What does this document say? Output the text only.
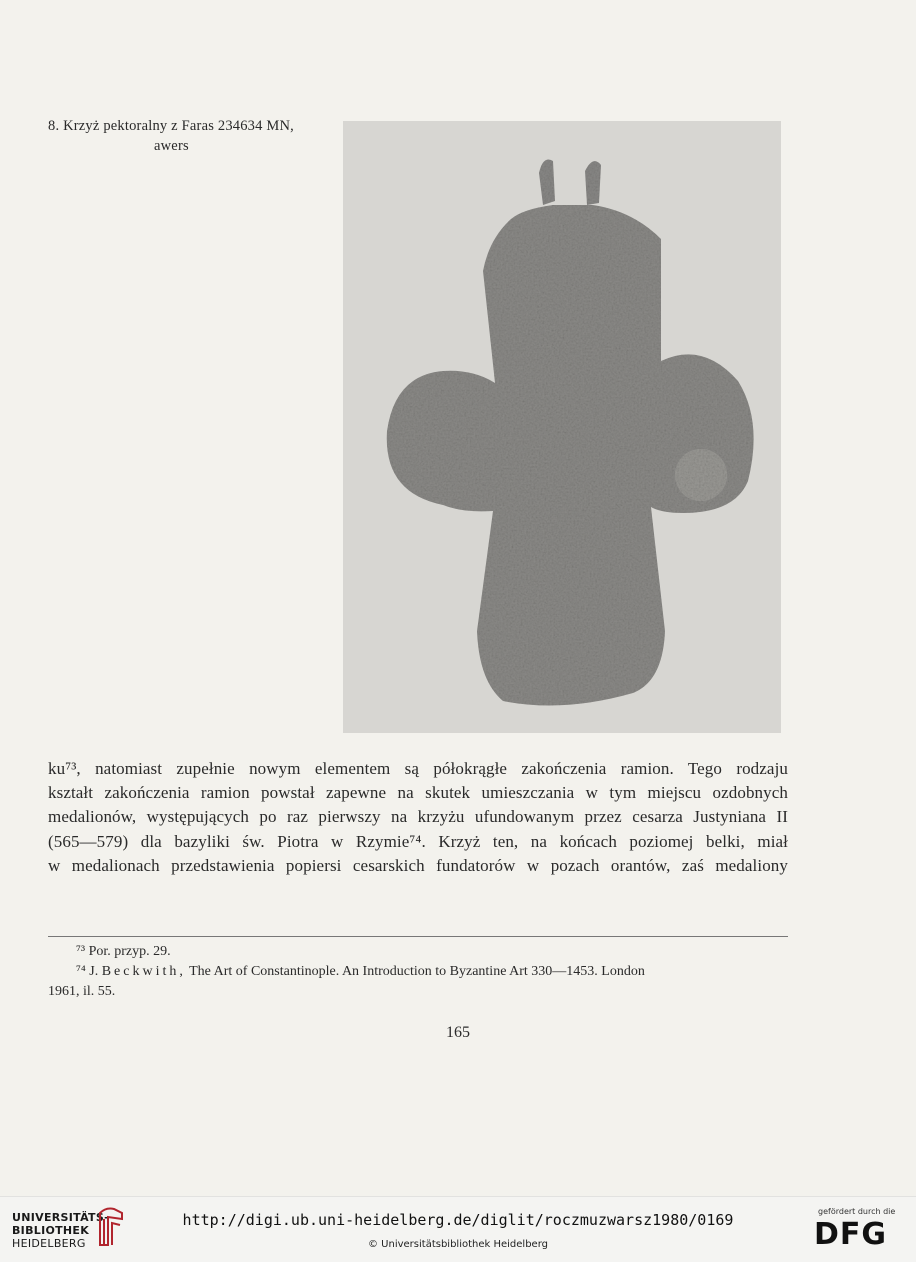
8. Krzyż pektoralny z Faras 234634 MN,
awers

ku⁷³, natomiast zupełnie nowym elementem są półokrągłe zakończenia ramion. Tego rodzaju
kształt zakończenia ramion powstał zapewne na skutek umieszczania w tym miejscu ozdobnych
medalionów, występujących po raz pierwszy na krzyżu ufundowanym przez cesarza Justyniana II
(565—579) dla bazyliki św. Piotra w Rzymie⁷⁴. Krzyż ten, na końcach poziomej belki, miał
w medalionach przedstawienia popiersi cesarskich fundatorów w pozach orantów, zaś medaliony

⁷³ Por. przyp. 29.
⁷⁴ J. Beckwith, The Art of Constantinople. An Introduction to Byzantine Art 330—1453. London
1961, il. 55.
165
UNIVERSITÄTS-
BIBLIOTHEK
HEIDELBERG
http://digi.ub.uni-heidelberg.de/diglit/roczmuzwarsz1980/0169
© Universitätsbibliothek Heidelberg
gefördert durch die
DFG
